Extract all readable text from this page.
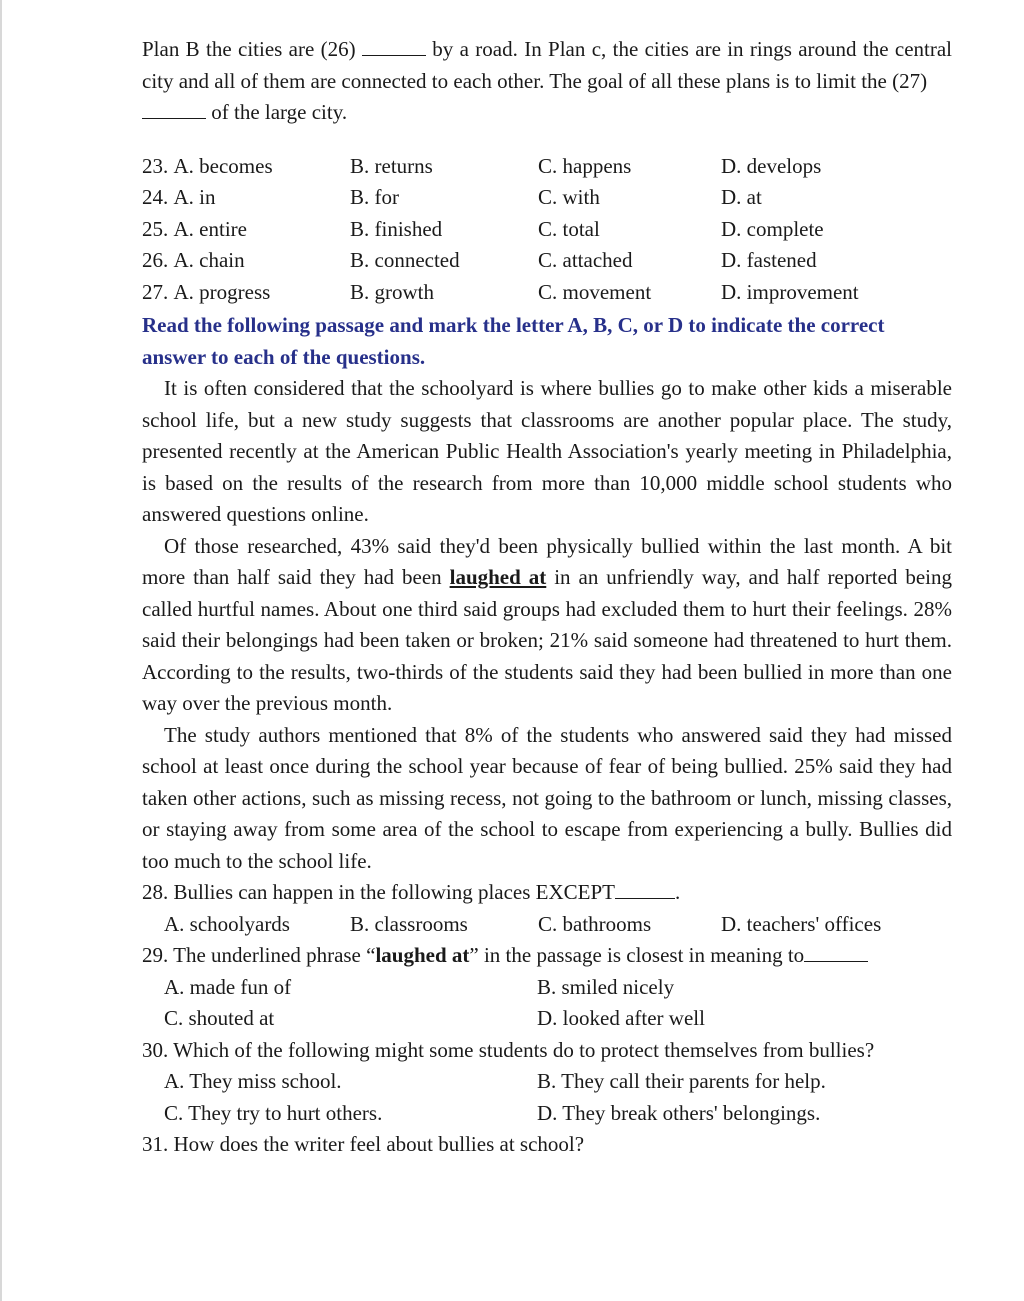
Plan B the cities are (26)	by a road. In Plan c, the cities are in rings around the central city and all of them are connected to each other. The goal of all these plans is to limit the (27)
of the large city.

23. A. becomes	B. returns	C. happens	D. develops
24. A. in	B. for	C. with	D. at
25. A. entire	B. finished	C. total	D. complete
26. A. chain	B. connected	C. attached	D. fastened
27. A. progress	B. growth	C. movement	D. improvement

Read the following passage and mark the letter A, B, C, or D to indicate the correct answer to each of the questions.

It is often considered that the schoolyard is where bullies go to make other kids a miserable school life, but a new study suggests that classrooms are another popular place. The study, presented recently at the American Public Health Association's yearly meeting in Philadelphia, is based on the results of the research from more than 10,000 middle school students who answered questions online.

Of those researched, 43% said they'd been physically bullied within the last month. A bit more than half said they had been laughed at in an unfriendly way, and half reported being called hurtful names. About one third said groups had excluded them to hurt their feelings. 28% said their belongings had been taken or broken; 21% said someone had threatened to hurt them. According to the results, two-thirds of the students said they had been bullied in more than one way over the previous month.

The study authors mentioned that 8% of the students who answered said they had missed school at least once during the school year because of fear of being bullied. 25% said they had taken other actions, such as missing recess, not going to the bathroom or lunch, missing classes, or staying away from some area of the school to escape from experiencing a bully. Bullies did too much to the school life.

28. Bullies can happen in the following places EXCEPT	.

A. schoolyards	B. classrooms	C. bathrooms	D. teachers' offices

29. The underlined phrase “laughed at” in the passage is closest in meaning to

A. made fun of	B. smiled nicely
C. shouted at	D. looked after well

30. Which of the following might some students do to protect themselves from bullies?

A. They miss school.	B. They call their parents for help.
C. They try to hurt others.	D. They break others' belongings.

31. How does the writer feel about bullies at school?
